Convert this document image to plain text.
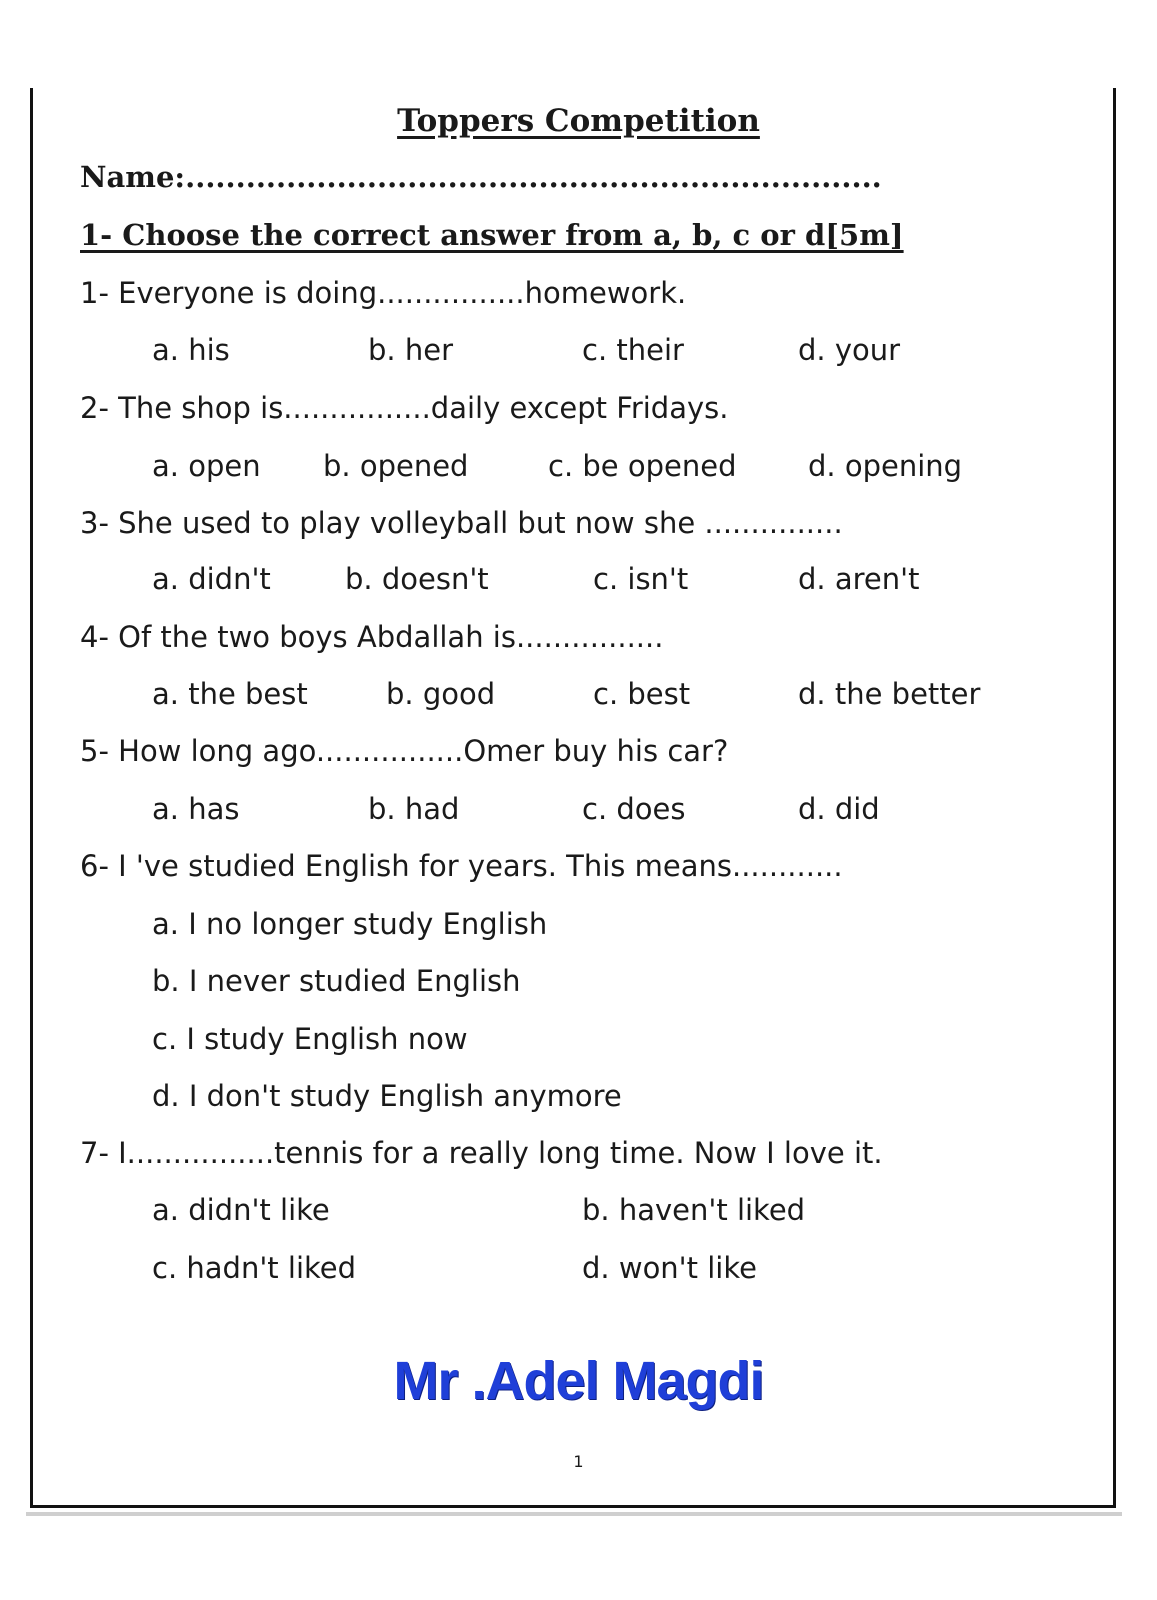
Toppers Competition
Name:.....................................................................
1- Choose the correct answer from a, b, c or d[5m]
1- Everyone is doing................homework.
a. his	b. her	c. their	d. your
2- The shop is................daily except Fridays.
a. open b. opened	c. be opened d. opening
3- She used to play volleyball but now she ...............
a. didn't	b. doesn't	c. isn't	d. aren't
4- Of the two boys Abdallah is................
a. the best	b. good	c. best	d. the better
5- How long ago................Omer buy his car?
a. has	b. had	c. does	d. did
6- I 've studied English for years. This means............
a. I no longer study English
b. I never studied English
c. I study English now
d. I don't study English anymore
7- I................tennis for a really long time. Now I love it.
a. didn't like	b. haven't liked
c. hadn't liked	d. won't like
Mr .Adel Magdi
1
